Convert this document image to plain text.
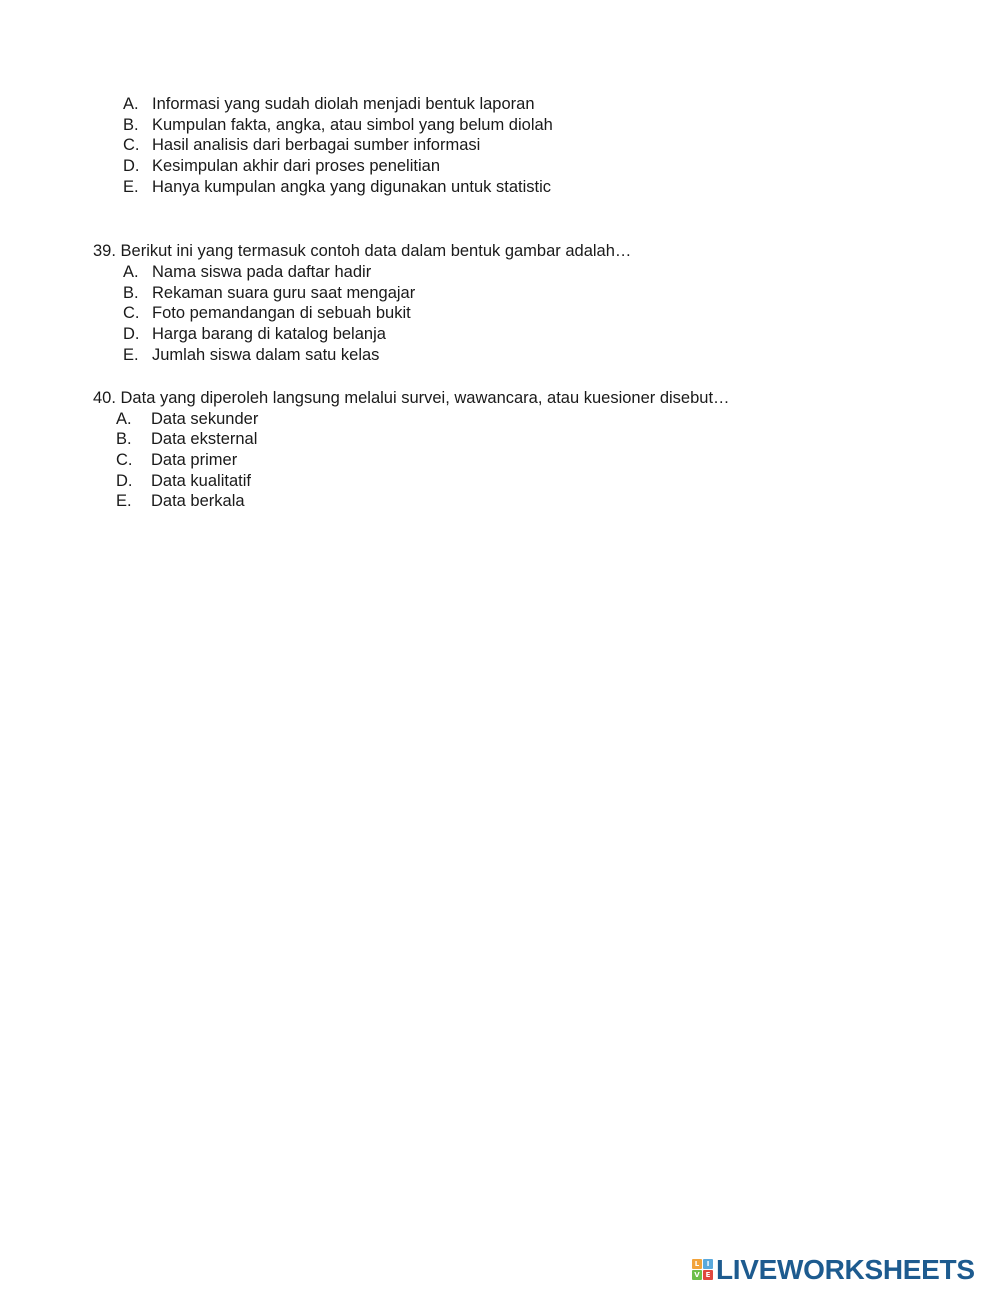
A. Informasi yang sudah diolah menjadi bentuk laporan
B. Kumpulan fakta, angka, atau simbol yang belum diolah
C. Hasil analisis dari berbagai sumber informasi
D. Kesimpulan akhir dari proses penelitian
E. Hanya kumpulan angka yang digunakan untuk statistic
39. Berikut ini yang termasuk contoh data dalam bentuk gambar adalah…
A. Nama siswa pada daftar hadir
B. Rekaman suara guru saat mengajar
C. Foto pemandangan di sebuah bukit
D. Harga barang di katalog belanja
E. Jumlah siswa dalam satu kelas
40. Data yang diperoleh langsung melalui survei, wawancara, atau kuesioner disebut…
A. Data sekunder
B. Data eksternal
C. Data primer
D. Data kualitatif
E. Data berkala
L	I
V E LIVEWORKSHEETS
